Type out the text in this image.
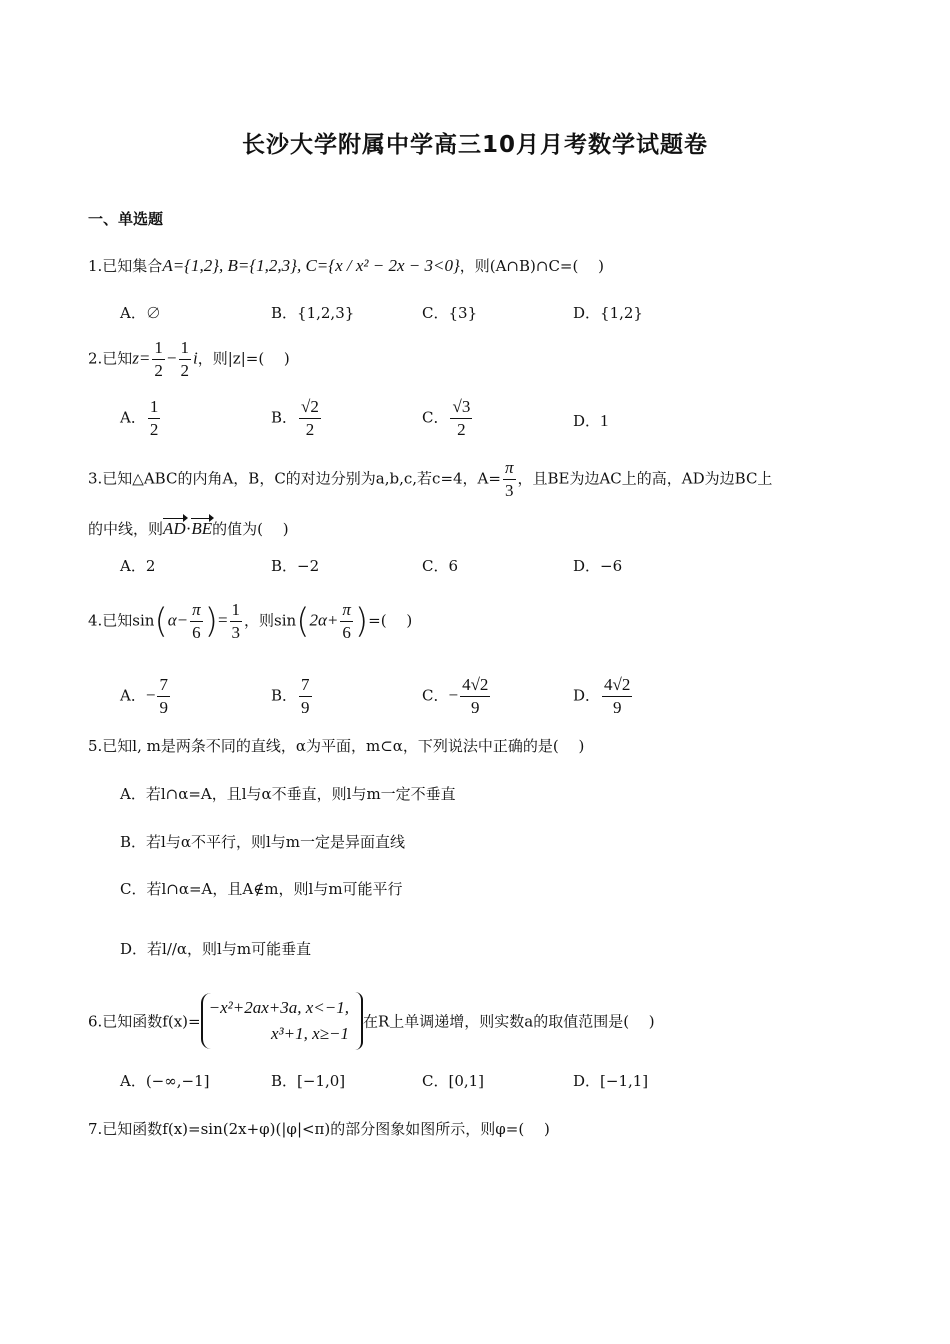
长沙大学附属中学高三10月月考数学试题卷
一、单选题
1.已知集合A={1,2}, B={1,2,3}, C={x / x² − 2x − 3<0}，则(A∩B)∩C=(　 )
A．∅	B．{1,2,3}	C．{3}	D．{1,2}
2.已知$z= \frac{1}{2} - \frac{1}{2}$ i，则|z|=(　 )
A． $\frac{1}{2}$	B． $\frac{√2}{2}$	C． $\frac{√3}{2}$	D．1
3.已知△ABC的内角A，B，C的对边分别为a,b,c,若c=4，$A= \frac{\pi}{3}$ ，且BE为边AC上的高，AD为边BC上
的中线，则AD·BE的值为(　 )
A．2	B．−2	C．6	D．−6
4.已知$\sin(\alpha- \frac{\pi}{6}$ )= $\frac{1}{3}$ ，则$\sin(2\alpha+ \frac{\pi}{6}$ )=(　 )
A．− $\frac{7}{9}$	B． $\frac{7}{9}$	C．− $\frac{4√2}{9}$	D． $\frac{4√2}{9}$
5.已知l, m是两条不同的直线，α为平面，m⊂α，下列说法中正确的是(　 )
A．若l∩α=A，且l与α不垂直，则l与m一定不垂直
B．若l与α不平行，则l与m一定是异面直线
C．若l∩α=A，且A∉m，则l与m可能平行
D．若l//α，则l与m可能垂直
6.已知函数f(x)=
−x²+2ax+3a, x<−1,
x³+1, x≥−1
在R上单调递增，则实数a的取值范围是(　 )
A．(−∞,−1]	B．[−1,0]	C．[0,1]	D．[−1,1]
7.已知函数f(x)=sin(2x+φ)(|φ|<π)的部分图象如图所示，则φ=(　 )
